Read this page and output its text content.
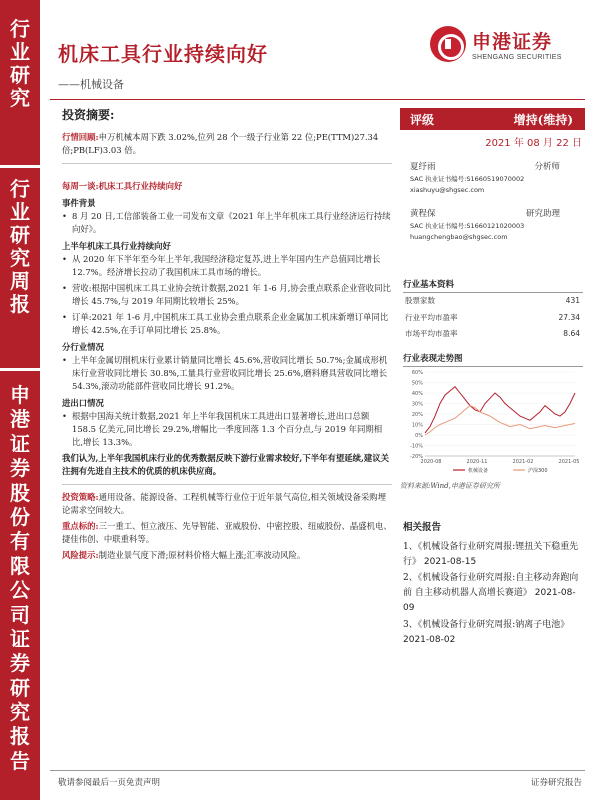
行
业
研
究
行
业
研
究
周
报
申
港
证
券
股
份
有
限
公
司
证
券
研
究
报
告
机床工具行业持续向好
——机械设备
申港证券
SHENGANG SECURITIES
投资摘要:
行情回顾:申万机械本周下跌 3.02%,位列 28 个一级子行业第 22 位;PE(TTM)27.34 倍;PB(LF)3.03 倍。
每周一谈:机床工具行业持续向好
事件背景
• 8 月 20 日,工信部装备工业一司发布文章《2021 年上半年机床工具行业经济运行持续向好》。
上半年机床工具行业持续向好
• 从 2020 年下半年至今年上半年,我国经济稳定复苏,进上半年国内生产总值同比增长 12.7%。经济增长拉动了我国机床工具市场的增长。
• 营收:根据中国机床工具工业协会统计数据,2021 年 1-6 月,协会重点联系企业营收同比增长 45.7%,与 2019 年同期比较增长 25%。
• 订单:2021 年 1-6 月,中国机床工具工业协会重点联系企业金属加工机床新增订单同比增长 42.5%,在手订单同比增长 25.8%。
分行业情况
• 上半年金属切削机床行业累计销量同比增长 45.6%,营收同比增长 50.7%;金属成形机床行业营收同比增长 30.8%,工量具行业营收同比增长 25.6%,磨料磨具营收同比增长 54.3%,滚动功能部件营收同比增长 91.2%。
进出口情况
• 根据中国海关统计数据,2021 年上半年我国机床工具进出口显著增长,进出口总额 158.5 亿美元,同比增长 29.2%,增幅比一季度回落 1.3 个百分点,与 2019 年同期相比,增长 13.3%。
我们认为,上半年我国机床行业的优秀数据反映下游行业需求较好,下半年有望延续,建议关注拥有先进自主技术的优质的机床供应商。
投资策略:通用设备、能源设备、工程机械等行业位于近年景气高位,相关领域设备采购埋论需求空间较大。
重点标的:三一重工、恒立液压、先导智能、亚威股份、中密控股、纽威股份、晶盛机电、捷佳伟创、中联重科等。
风险提示:制造业景气度下滑;原材料价格大幅上涨;汇率波动风险。
评级	增持(维持)
2021 年 08 月 22 日
夏纾雨	分析师
SAC 执业证书编号:S1660519070002
xiashuyu@shgsec.com
黄程保	研究助理
SAC 执业证书编号:S1660121020003
huangchengbao@shgsec.com
行业基本资料
股票家数	431
行业平均市盈率	27.34
市场平均市盈率	8.64
行业表现走势图
60%
50%
40%
30%
20%
10%
0%
-10%
-20%
2020-08	2020-11	2021-02	2021-05
机械设备	沪深300
资料来源:Wind,申港证券研究所
相关报告
1、《机械设备行业研究周报:锂扭关下稳重先行》 2021-08-15
2、《机械设备行业研究周报:自主移动奔跑向前 自主移动机器人高增长赛道》 2021-08-09
3、《机械设备行业研究周报:钠离子电池》 2021-08-02
敬请参阅最后一页免责声明	证券研究报告
